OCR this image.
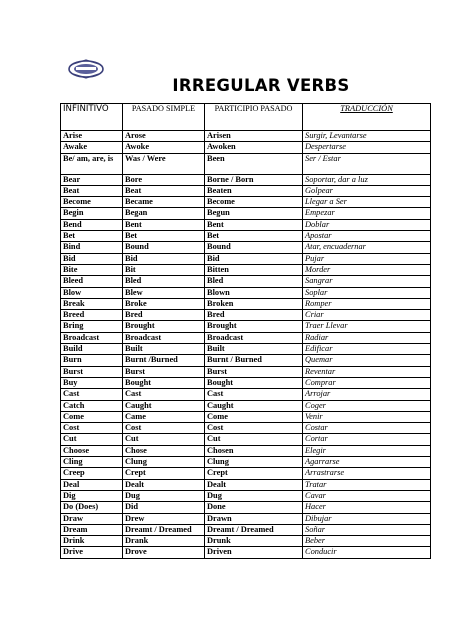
IRREGULAR VERBS
INFINITIVO	PASADO SIMPLE	PARTICIPIO PASADO	TRADUCCIÓN
Arise	Arose	Arisen	Surgir, Levantarse
Awake	Awoke	Awoken	Despertarse
Be/ am, are, is	Was / Were	Been	Ser / Estar
Bear	Bore	Borne / Born	Soportar, dar a luz
Beat	Beat	Beaten	Golpear
Become	Became	Become	Llegar a Ser
Begin	Began	Begun	Empezar
Bend	Bent	Bent	Doblar
Bet	Bet	Bet	Apostar
Bind	Bound	Bound	Atar, encuadernar
Bid	Bid	Bid	Pujar
Bite	Bit	Bitten	Morder
Bleed	Bled	Bled	Sangrar
Blow	Blew	Blown	Soplar
Break	Broke	Broken	Romper
Breed	Bred	Bred	Criar
Bring	Brought	Brought	Traer Llevar
Broadcast	Broadcast	Broadcast	Radiar
Build	Built	Built	Edificar
Burn	Burnt /Burned	Burnt / Burned	Quemar
Burst	Burst	Burst	Reventar
Buy	Bought	Bought	Comprar
Cast	Cast	Cast	Arrojar
Catch	Caught	Caught	Coger
Come	Came	Come	Venir
Cost	Cost	Cost	Costar
Cut	Cut	Cut	Cortar
Choose	Chose	Chosen	Elegir
Cling	Clung	Clung	Agarrarse
Creep	Crept	Crept	Arrastrarse
Deal	Dealt	Dealt	Tratar
Dig	Dug	Dug	Cavar
Do (Does)	Did	Done	Hacer
Draw	Drew	Drawn	Dibujar
Dream	Dreamt / Dreamed	Dreamt / Dreamed	Soñar
Drink	Drank	Drunk	Beber
Drive	Drove	Driven	Conducir
